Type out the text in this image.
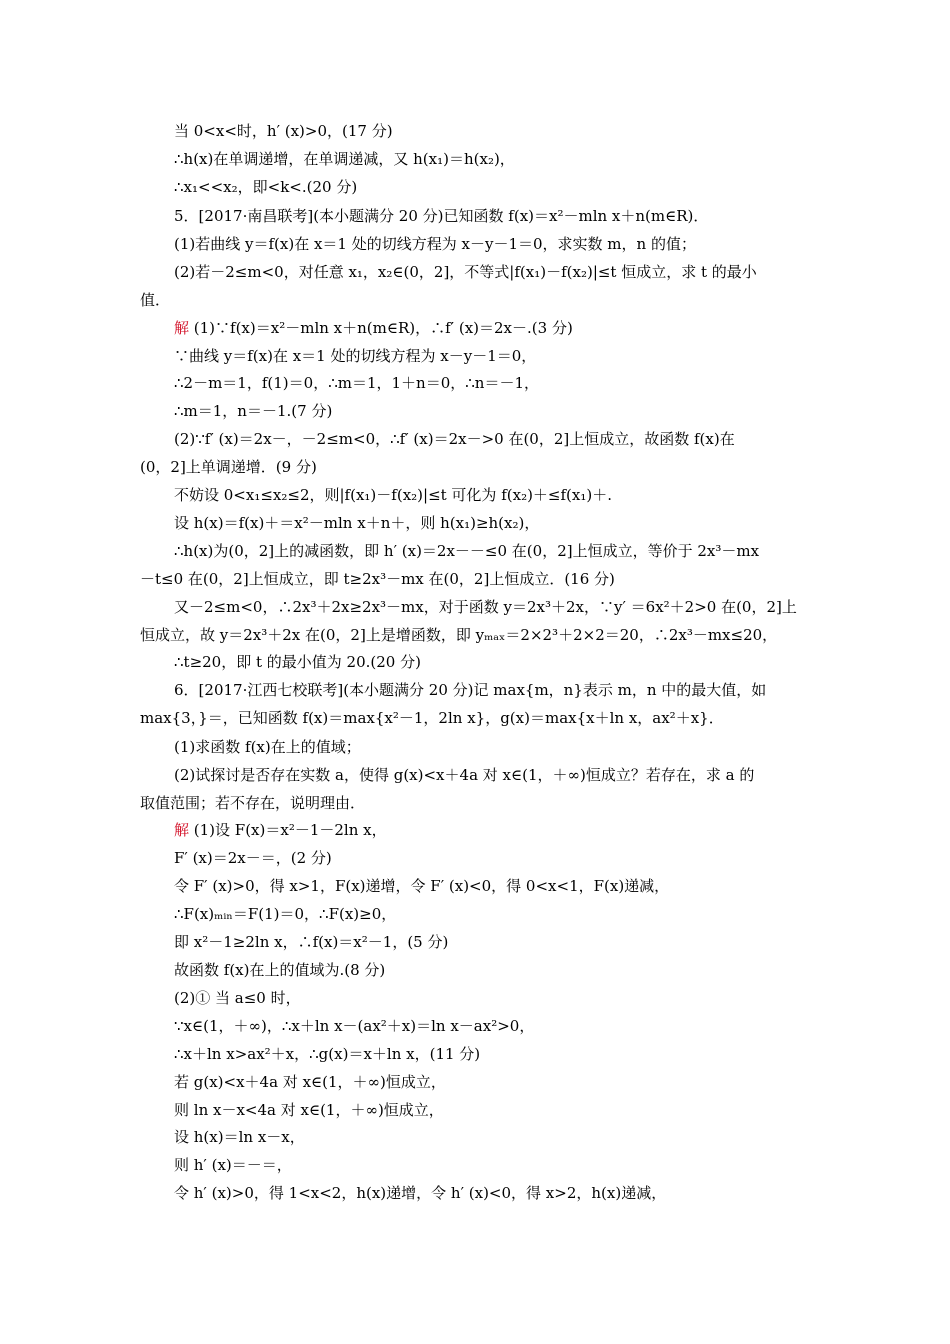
当 0<x<时，h′ (x)>0，(17 分)
∴h(x)在单调递增，在单调递减，又 h(x₁)＝h(x₂)，
∴x₁<<x₂，即<k<.(20 分)
5．[2017·南昌联考](本小题满分 20 分)已知函数 f(x)＝x²－mln x＋n(m∈R)．
(1)若曲线 y＝f(x)在 x＝1 处的切线方程为 x－y－1＝0，求实数 m，n 的值；
(2)若－2≤m<0，对任意 x₁，x₂∈(0，2]，不等式|f(x₁)－f(x₂)|≤t 恒成立，求 t 的最小
值．
解 (1)∵f(x)＝x²－mln x＋n(m∈R)，∴f′ (x)＝2x－.(3 分)
∵曲线 y＝f(x)在 x＝1 处的切线方程为 x－y－1＝0，
∴2－m＝1，f(1)＝0，∴m＝1，1＋n＝0，∴n＝－1，
∴m＝1，n＝－1.(7 分)
(2)∵f′ (x)＝2x－，－2≤m<0，∴f′ (x)＝2x－>0 在(0，2]上恒成立，故函数 f(x)在
(0，2]上单调递增．(9 分)
不妨设 0<x₁≤x₂≤2，则|f(x₁)－f(x₂)|≤t 可化为 f(x₂)＋≤f(x₁)＋.
设 h(x)＝f(x)＋＝x²－mln x＋n＋，则 h(x₁)≥h(x₂)，
∴h(x)为(0，2]上的减函数，即 h′ (x)＝2x－－≤0 在(0，2]上恒成立，等价于 2x³－mx
－t≤0 在(0，2]上恒成立，即 t≥2x³－mx 在(0，2]上恒成立．(16 分)
又－2≤m<0，∴2x³＋2x≥2x³－mx，对于函数 y＝2x³＋2x，∵y′ ＝6x²＋2>0 在(0，2]上
恒成立，故 y＝2x³＋2x 在(0，2]上是增函数，即 yₘₐₓ＝2×2³＋2×2＝20，∴2x³－mx≤20，
∴t≥20，即 t 的最小值为 20.(20 分)
6．[2017·江西七校联考](本小题满分 20 分)记 max{m，n}表示 m，n 中的最大值，如
max{3，}＝，已知函数 f(x)＝max{x²－1，2ln x}，g(x)＝max{x＋ln x，ax²＋x}．
(1)求函数 f(x)在上的值域；
(2)试探讨是否存在实数 a，使得 g(x)<x＋4a 对 x∈(1，＋∞)恒成立？若存在，求 a 的
取值范围；若不存在，说明理由．
解 (1)设 F(x)＝x²－1－2ln x，
F′ (x)＝2x－＝，(2 分)
令 F′ (x)>0，得 x>1，F(x)递增，令 F′ (x)<0，得 0<x<1，F(x)递减，
∴F(x)ₘᵢₙ＝F(1)＝0，∴F(x)≥0，
即 x²－1≥2ln x，∴f(x)＝x²－1，(5 分)
故函数 f(x)在上的值域为.(8 分)
(2)① 当 a≤0 时，
∵x∈(1，＋∞)，∴x＋ln x－(ax²＋x)＝ln x－ax²>0，
∴x＋ln x>ax²＋x，∴g(x)＝x＋ln x，(11 分)
若 g(x)<x＋4a 对 x∈(1，＋∞)恒成立，
则 ln x－x<4a 对 x∈(1，＋∞)恒成立，
设 h(x)＝ln x－x，
则 h′ (x)＝－＝，
令 h′ (x)>0，得 1<x<2，h(x)递增，令 h′ (x)<0，得 x>2，h(x)递减，
